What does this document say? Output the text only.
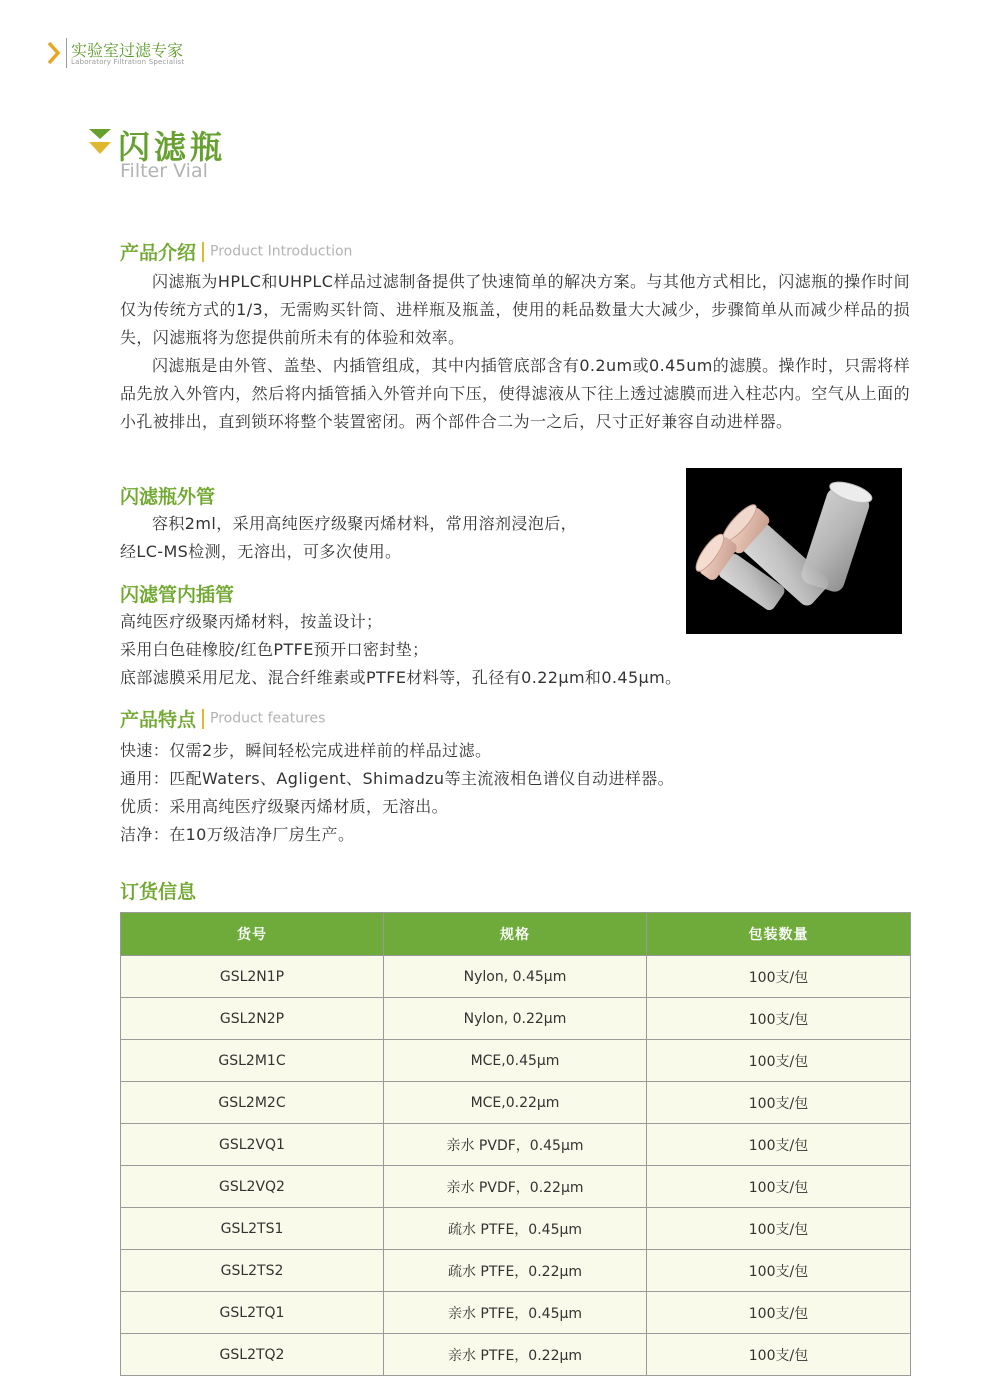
实验室过滤专家
Laboratory Filtration Specialist
闪滤瓶
Filter Vial
产品介绍 Product Introduction
闪滤瓶为HPLC和UHPLC样品过滤制备提供了快速简单的解决方案。与其他方式相比，闪滤瓶的操作时间仅为传统方式的1/3，无需购买针筒、进样瓶及瓶盖，使用的耗品数量大大减少，步骤简单从而减少样品的损失，闪滤瓶将为您提供前所未有的体验和效率。
闪滤瓶是由外管、盖垫、内插管组成，其中内插管底部含有0.2um或0.45um的滤膜。操作时，只需将样品先放入外管内，然后将内插管插入外管并向下压，使得滤液从下往上透过滤膜而进入柱芯内。空气从上面的小孔被排出，直到锁环将整个装置密闭。两个部件合二为一之后，尺寸正好兼容自动进样器。
闪滤瓶外管
容积2ml，采用高纯医疗级聚丙烯材料，常用溶剂浸泡后，
经LC-MS检测，无溶出，可多次使用。
闪滤管内插管
高纯医疗级聚丙烯材料，按盖设计；
采用白色硅橡胶/红色PTFE预开口密封垫；
底部滤膜采用尼龙、混合纤维素或PTFE材料等，孔径有0.22μm和0.45μm。
产品特点 Product features
快速：仅需2步，瞬间轻松完成进样前的样品过滤。
通用：匹配Waters、Agligent、Shimadzu等主流液相色谱仪自动进样器。
优质：采用高纯医疗级聚丙烯材质，无溶出。
洁净：在10万级洁净厂房生产。
订货信息
货号	规格	包装数量
GSL2N1P	Nylon, 0.45μm	100支/包
GSL2N2P	Nylon, 0.22μm	100支/包
GSL2M1C	MCE,0.45μm	100支/包
GSL2M2C	MCE,0.22μm	100支/包
GSL2VQ1	亲水 PVDF，0.45μm	100支/包
GSL2VQ2	亲水 PVDF，0.22μm	100支/包
GSL2TS1	疏水 PTFE，0.45μm	100支/包
GSL2TS2	疏水 PTFE，0.22μm	100支/包
GSL2TQ1	亲水 PTFE，0.45μm	100支/包
GSL2TQ2	亲水 PTFE，0.22μm	100支/包
